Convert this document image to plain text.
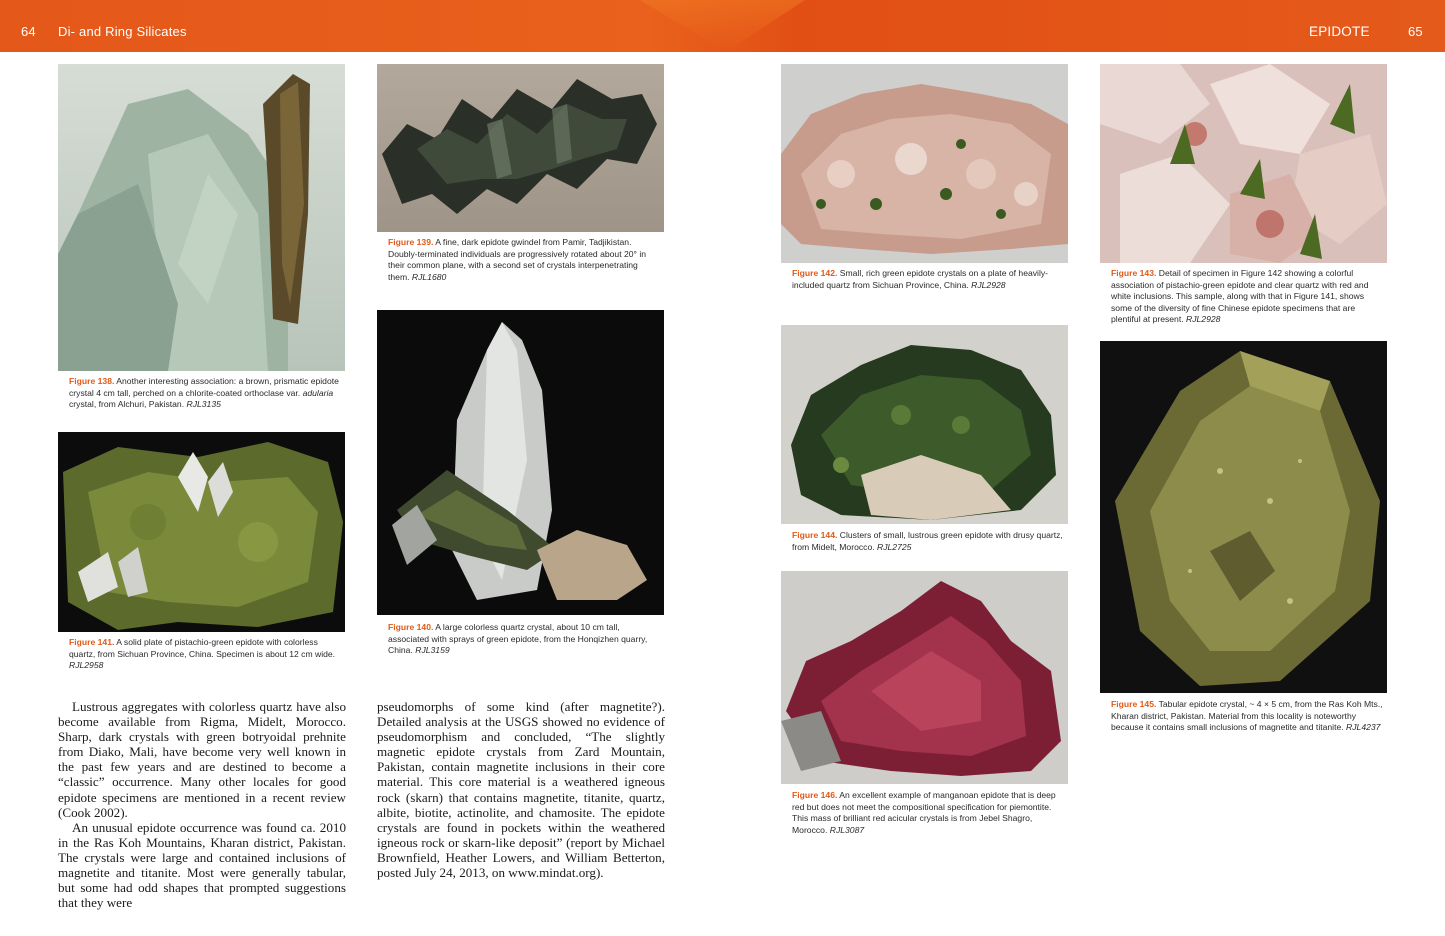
64 Di- and Ring Silicates	EPIDOTE	65
Figure 138. Another interesting association: a brown, prismatic epidote crystal 4 cm tall, perched on a chlorite-coated orthoclase var. adularia crystal, from Alchuri, Pakistan. RJL3135
Figure 139. A fine, dark epidote gwindel from Pamir, Tadjikistan. Doubly-terminated individuals are progressively rotated about 20° in their common plane, with a second set of crystals interpenetrating them. RJL1680
Figure 141. A solid plate of pistachio-green epidote with colorless quartz, from Sichuan Province, China. Specimen is about 12 cm wide. RJL2958
Figure 140. A large colorless quartz crystal, about 10 cm tall, associated with sprays of green epidote, from the Honqizhen quarry, China. RJL3159
Figure 142. Small, rich green epidote crystals on a plate of heavily-included quartz from Sichuan Province, China. RJL2928
Figure 143. Detail of specimen in Figure 142 showing a colorful association of pistachio-green epidote and clear quartz with red and white inclusions. This sample, along with that in Figure 141, shows some of the diversity of fine Chinese epidote specimens that are plentiful at present. RJL2928
Figure 144. Clusters of small, lustrous green epidote with drusy quartz, from Midelt, Morocco. RJL2725
Figure 146. An excellent example of manganoan epidote that is deep red but does not meet the compositional specification for piemontite. This mass of brilliant red acicular crystals is from Jebel Shagro, Morocco. RJL3087
Figure 145. Tabular epidote crystal, ~ 4 × 5 cm, from the Ras Koh Mts., Kharan district, Pakistan. Material from this locality is noteworthy because it contains small inclusions of magnetite and titanite. RJL4237

Lustrous aggregates with colorless quartz have also become available from Rigma, Midelt, Morocco. Sharp, dark crystals with green botryoidal prehnite from Diako, Mali, have become very well known in the past few years and are destined to become a “classic” occurrence. Many other locales for good epidote specimens are mentioned in a recent review (Cook 2002).

An unusual epidote occurrence was found ca. 2010 in the Ras Koh Mountains, Kharan district, Pakistan. The crystals were large and contained inclusions of magnetite and titanite. Most were generally tabular, but some had odd shapes that prompted suggestions that they were

pseudomorphs of some kind (after magnetite?). Detailed analysis at the USGS showed no evidence of pseudomorphism and concluded, “The slightly magnetic epidote crystals from Zard Mountain, Pakistan, contain magnetite inclusions in their core material. This core material is a weathered igneous rock (skarn) that contains magnetite, titanite, quartz, albite, biotite, actinolite, and chamosite. The epidote crystals are found in pockets within the weathered igneous rock or skarn-like deposit” (report by Michael Brownfield, Heather Lowers, and William Betterton, posted July 24, 2013, on www.mindat.org).
